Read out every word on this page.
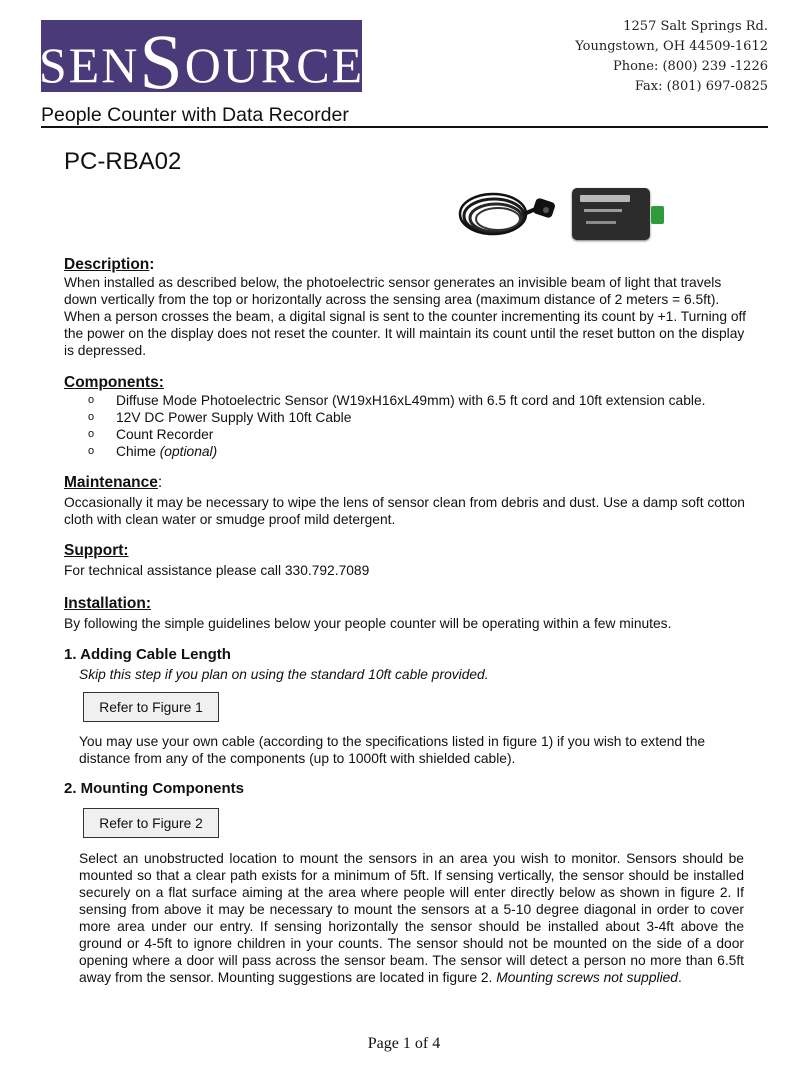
SENSOURCE
1257 Salt Springs Rd.
Youngstown, OH 44509-1612
Phone: (800) 239 -1226
Fax: (801) 697-0825
People Counter with Data Recorder
PC-RBA02
Description:
When installed as described below, the photoelectric sensor generates an invisible beam of light that travels down vertically from the top or horizontally across the sensing area (maximum distance of 2 meters = 6.5ft). When a person crosses the beam, a digital signal is sent to the counter incrementing its count by +1. Turning off the power on the display does not reset the counter. It will maintain its count until the reset button on the display is depressed.
Components:
o	Diffuse Mode Photoelectric Sensor (W19xH16xL49mm) with 6.5 ft cord and 10ft extension cable.
o	12V DC Power Supply With 10ft Cable
o	Count Recorder
o	Chime (optional)
Maintenance:
Occasionally it may be necessary to wipe the lens of sensor clean from debris and dust. Use a damp soft cotton cloth with clean water or smudge proof mild detergent.
Support:
For technical assistance please call 330.792.7089
Installation:
By following the simple guidelines below your people counter will be operating within a few minutes.
1. Adding Cable Length
Skip this step if you plan on using the standard 10ft cable provided.
Refer to Figure 1
You may use your own cable (according to the specifications listed in figure 1) if you wish to extend the distance from any of the components (up to 1000ft with shielded cable).
2. Mounting Components
Refer to Figure 2
Select an unobstructed location to mount the sensors in an area you wish to monitor. Sensors should be mounted so that a clear path exists for a minimum of 5ft. If sensing vertically, the sensor should be installed securely on a flat surface aiming at the area where people will enter directly below as shown in figure 2. If sensing from above it may be necessary to mount the sensors at a 5-10 degree diagonal in order to cover more area under our entry. If sensing horizontally the sensor should be installed about 3-4ft above the ground or 4-5ft to ignore children in your counts. The sensor should not be mounted on the side of a door opening where a door will pass across the sensor beam. The sensor will detect a person no more than 6.5ft away from the sensor. Mounting suggestions are located in figure 2. Mounting screws not supplied.
Page 1 of 4
